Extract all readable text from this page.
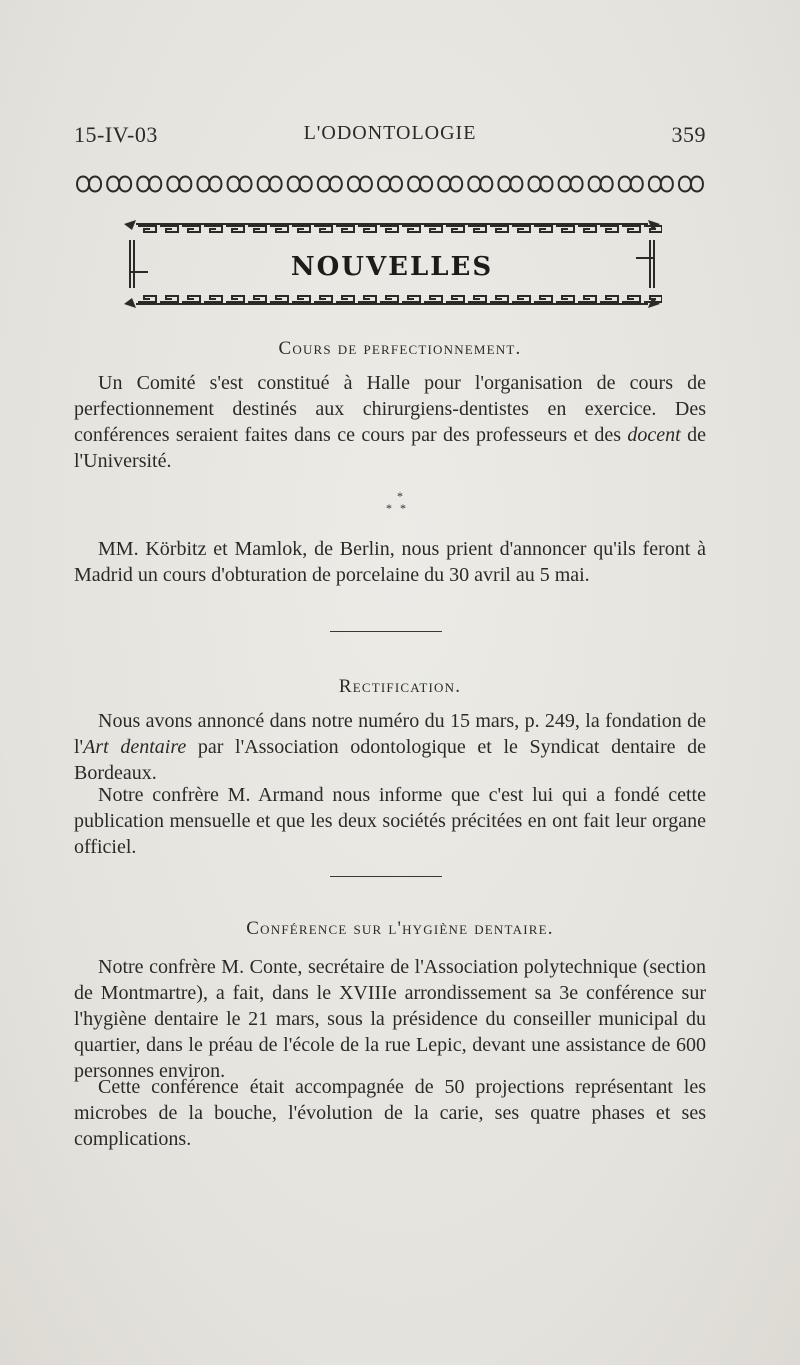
15-IV-03	L'ODONTOLOGIE	359
NOUVELLES
Cours de perfectionnement.

Un Comité s'est constitué à Halle pour l'organisation de cours de perfectionnement destinés aux chirurgiens-dentistes en exercice. Des conférences seraient faites dans ce cours par des professeurs et des docent de l'Université.

*
**

MM. Körbitz et Mamlok, de Berlin, nous prient d'annoncer qu'ils feront à Madrid un cours d'obturation de porcelaine du 30 avril au 5 mai.

Rectification.

Nous avons annoncé dans notre numéro du 15 mars, p. 249, la fondation de l'Art dentaire par l'Association odontologique et le Syndicat dentaire de Bordeaux.

Notre confrère M. Armand nous informe que c'est lui qui a fondé cette publication mensuelle et que les deux sociétés précitées en ont fait leur organe officiel.

Conférence sur l'hygiène dentaire.

Notre confrère M. Conte, secrétaire de l'Association polytechnique (section de Montmartre), a fait, dans le XVIIIe arrondissement sa 3e conférence sur l'hygiène dentaire le 21 mars, sous la présidence du conseiller municipal du quartier, dans le préau de l'école de la rue Lepic, devant une assistance de 600 personnes environ.

Cette conférence était accompagnée de 50 projections représentant les microbes de la bouche, l'évolution de la carie, ses quatre phases et ses complications.
